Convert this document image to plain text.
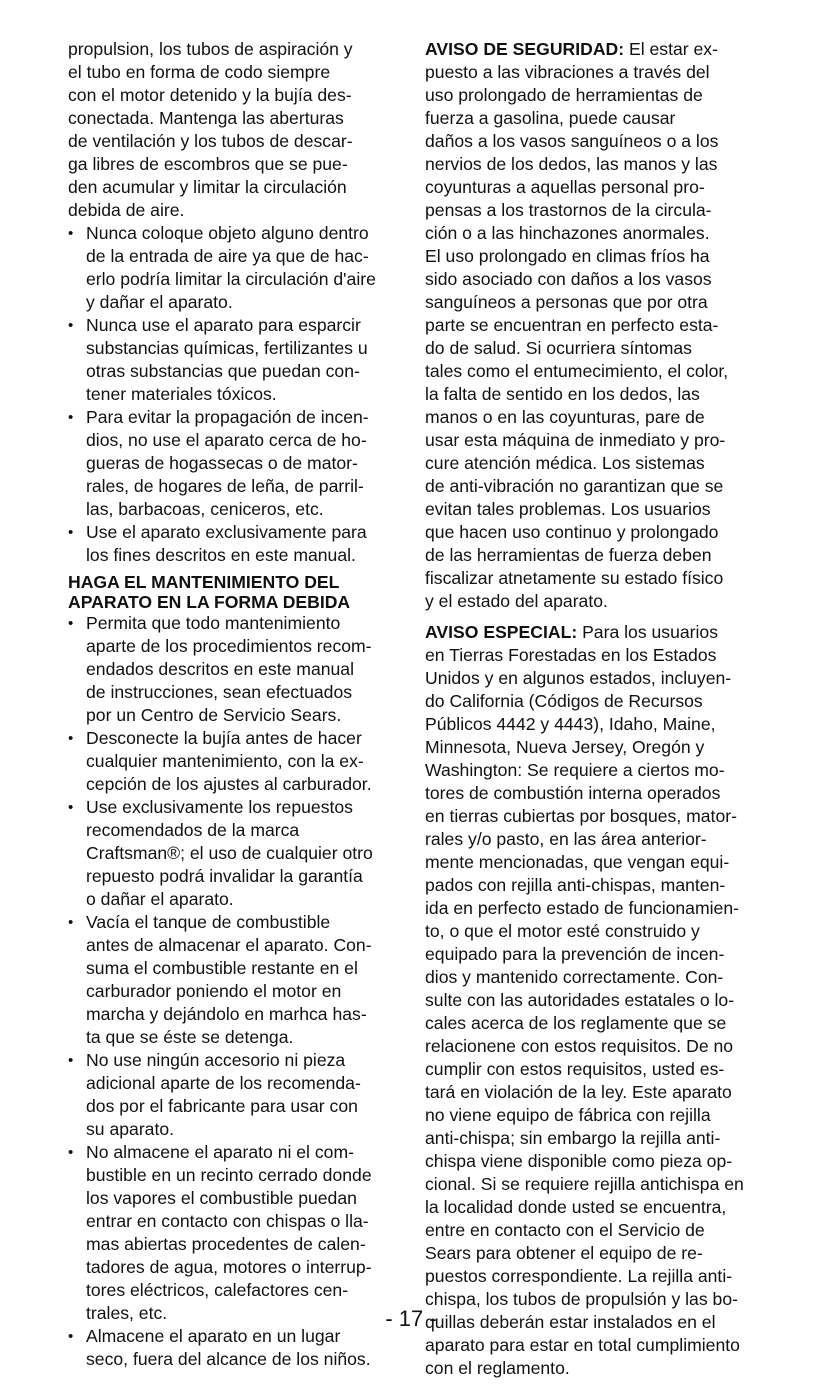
propulsion, los tubos de aspiración y
el tubo en forma de codo siempre
con el motor detenido y la bujía des-
conectada. Mantenga las aberturas
de ventilación y los tubos de descar-
ga libres de escombros que se pue-
den acumular y limitar la circulación
debida de aire.

• Nunca coloque objeto alguno dentro
de la entrada de aire ya que de hac-
erlo podría limitar la circulación d'aire
y dañar el aparato.
• Nunca use el aparato para esparcir
substancias químicas, fertilizantes u
otras substancias que puedan con-
tener materiales tóxicos.
• Para evitar la propagación de incen-
dios, no use el aparato cerca de ho-
gueras de hogassecas o de mator-
rales, de hogares de leña, de parril-
las, barbacoas, ceniceros, etc.
• Use el aparato exclusivamente para
los fines descritos en este manual.
HAGA EL MANTENIMIENTO DEL
APARATO EN LA FORMA DEBIDA
• Permita que todo mantenimiento
aparte de los procedimientos recom-
endados descritos en este manual
de instrucciones, sean efectuados
por un Centro de Servicio Sears.
• Desconecte la bujía antes de hacer
cualquier mantenimiento, con la ex-
cepción de los ajustes al carburador.
• Use exclusivamente los repuestos
recomendados de la marca
Craftsman®; el uso de cualquier otro
repuesto podrá invalidar la garantía
o dañar el aparato.
• Vacía el tanque de combustible
antes de almacenar el aparato. Con-
suma el combustible restante en el
carburador poniendo el motor en
marcha y dejándolo en marhca has-
ta que se éste se detenga.
• No use ningún accesorio ni pieza
adicional aparte de los recomenda-
dos por el fabricante para usar con
su aparato.
• No almacene el aparato ni el com-
bustible en un recinto cerrado donde
los vapores el combustible puedan
entrar en contacto con chispas o lla-
mas abiertas procedentes de calen-
tadores de agua, motores o interrup-
tores eléctricos, calefactores cen-
trales, etc.
• Almacene el aparato en un lugar
seco, fuera del alcance de los niños.

AVISO DE SEGURIDAD: El estar ex-
puesto a las vibraciones a través del
uso prolongado de herramientas de
fuerza a gasolina, puede causar
daños a los vasos sanguíneos o a los
nervios de los dedos, las manos y las
coyunturas a aquellas personal pro-
pensas a los trastornos de la circula-
ción o a las hinchazones anormales.
El uso prolongado en climas fríos ha
sido asociado con daños a los vasos
sanguíneos a personas que por otra
parte se encuentran en perfecto esta-
do de salud. Si ocurriera síntomas
tales como el entumecimiento, el color,
la falta de sentido en los dedos, las
manos o en las coyunturas, pare de
usar esta máquina de inmediato y pro-
cure atención médica. Los sistemas
de anti-vibración no garantizan que se
evitan tales problemas. Los usuarios
que hacen uso continuo y prolongado
de las herramientas de fuerza deben
fiscalizar atnetamente su estado físico
y el estado del aparato.

AVISO ESPECIAL: Para los usuarios
en Tierras Forestadas en los Estados
Unidos y en algunos estados, incluyen-
do California (Códigos de Recursos
Públicos 4442 y 4443), Idaho, Maine,
Minnesota, Nueva Jersey, Oregón y
Washington: Se requiere a ciertos mo-
tores de combustión interna operados
en tierras cubiertas por bosques, mator-
rales y/o pasto, en las área anterior-
mente mencionadas, que vengan equi-
pados con rejilla anti-chispas, manten-
ida en perfecto estado de funcionamien-
to, o que el motor esté construido y
equipado para la prevención de incen-
dios y mantenido correctamente. Con-
sulte con las autoridades estatales o lo-
cales acerca de los reglamente que se
relacionene con estos requisitos. De no
cumplir con estos requisitos, usted es-
tará en violación de la ley. Este aparato
no viene equipo de fábrica con rejilla
anti-chispa; sin embargo la rejilla anti-
chispa viene disponible como pieza op-
cional. Si se requiere rejilla antichispa en
la localidad donde usted se encuentra,
entre en contacto con el Servicio de
Sears para obtener el equipo de re-
puestos correspondiente. La rejilla anti-
chispa, los tubos de propulsión y las bo-
quillas deberán estar instalados en el
aparato para estar en total cumplimiento
con el reglamento.

- 17 -
